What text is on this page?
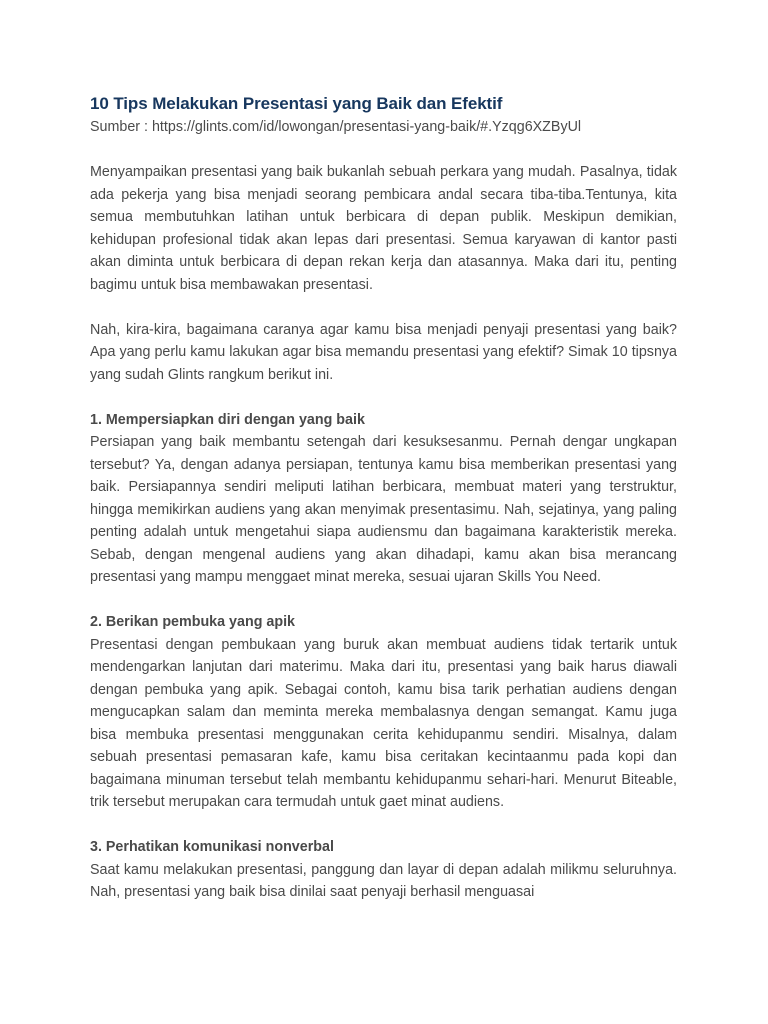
10 Tips Melakukan Presentasi yang Baik dan Efektif

Sumber : https://glints.com/id/lowongan/presentasi-yang-baik/#.Yzqg6XZByUl

Menyampaikan presentasi yang baik bukanlah sebuah perkara yang mudah. Pasalnya, tidak ada pekerja yang bisa menjadi seorang pembicara andal secara tiba-tiba.Tentunya, kita semua membutuhkan latihan untuk berbicara di depan publik. Meskipun demikian, kehidupan profesional tidak akan lepas dari presentasi. Semua karyawan di kantor pasti akan diminta untuk berbicara di depan rekan kerja dan atasannya. Maka dari itu, penting bagimu untuk bisa membawakan presentasi.

Nah, kira-kira, bagaimana caranya agar kamu bisa menjadi penyaji presentasi yang baik? Apa yang perlu kamu lakukan agar bisa memandu presentasi yang efektif? Simak 10 tipsnya yang sudah Glints rangkum berikut ini.

1. Mempersiapkan diri dengan yang baik

Persiapan yang baik membantu setengah dari kesuksesanmu. Pernah dengar ungkapan tersebut? Ya, dengan adanya persiapan, tentunya kamu bisa memberikan presentasi yang baik. Persiapannya sendiri meliputi latihan berbicara, membuat materi yang terstruktur, hingga memikirkan audiens yang akan menyimak presentasimu. Nah, sejatinya, yang paling penting adalah untuk mengetahui siapa audiensmu dan bagaimana karakteristik mereka. Sebab, dengan mengenal audiens yang akan dihadapi, kamu akan bisa merancang presentasi yang mampu menggaet minat mereka, sesuai ujaran Skills You Need.

2. Berikan pembuka yang apik

Presentasi dengan pembukaan yang buruk akan membuat audiens tidak tertarik untuk mendengarkan lanjutan dari materimu. Maka dari itu, presentasi yang baik harus diawali dengan pembuka yang apik. Sebagai contoh, kamu bisa tarik perhatian audiens dengan mengucapkan salam dan meminta mereka membalasnya dengan semangat. Kamu juga bisa membuka presentasi menggunakan cerita kehidupanmu sendiri. Misalnya, dalam sebuah presentasi pemasaran kafe, kamu bisa ceritakan kecintaanmu pada kopi dan bagaimana minuman tersebut telah membantu kehidupanmu sehari-hari. Menurut Biteable, trik tersebut merupakan cara termudah untuk gaet minat audiens.

3. Perhatikan komunikasi nonverbal

Saat kamu melakukan presentasi, panggung dan layar di depan adalah milikmu seluruhnya. Nah, presentasi yang baik bisa dinilai saat penyaji berhasil menguasai
